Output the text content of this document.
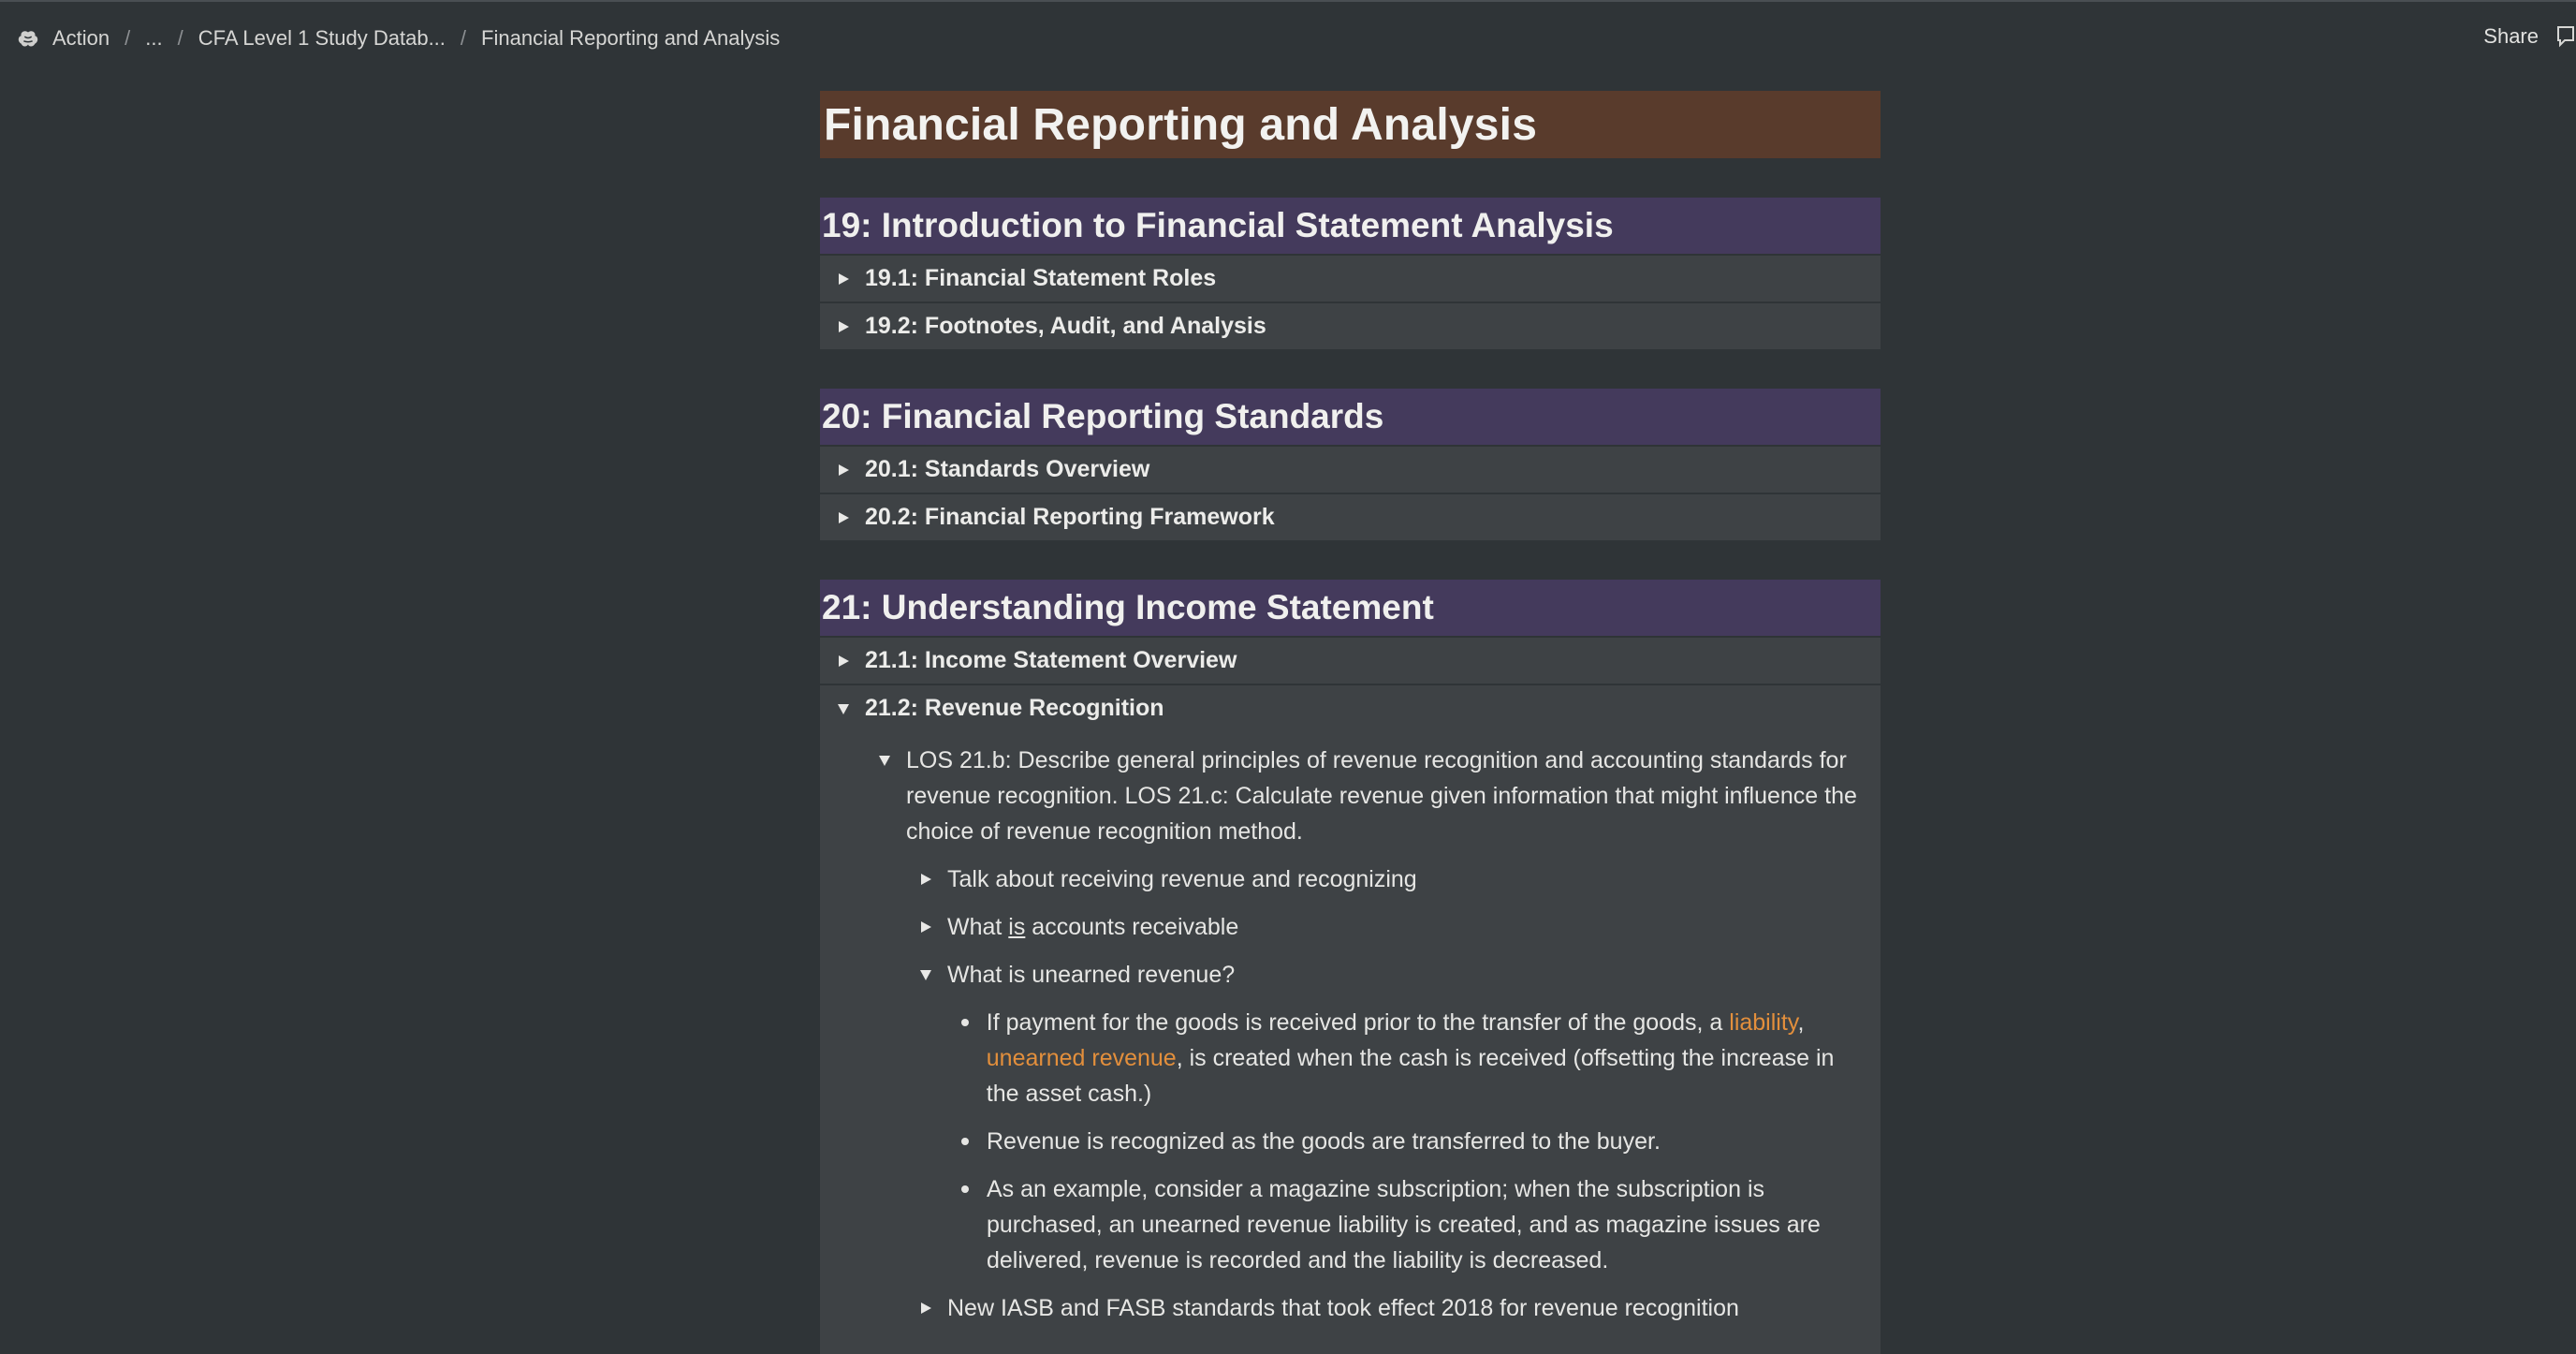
Action / ... / CFA Level 1 Study Datab... / Financial Reporting and Analysis	Share
Financial Reporting and Analysis
19: Introduction to Financial Statement Analysis
19.1: Financial Statement Roles
19.2: Footnotes, Audit, and Analysis
20: Financial Reporting Standards
20.1: Standards Overview
20.2: Financial Reporting Framework
21: Understanding Income Statement
21.1: Income Statement Overview
21.2: Revenue Recognition
LOS 21.b: Describe general principles of revenue recognition and accounting standards for revenue recognition. LOS 21.c: Calculate revenue given information that might influence the choice of revenue recognition method.
Talk about receiving revenue and recognizing
What is accounts receivable
What is unearned revenue?
If payment for the goods is received prior to the transfer of the goods, a liability,
unearned revenue, is created when the cash is received (offsetting the increase in the asset cash.)
Revenue is recognized as the goods are transferred to the buyer.
As an example, consider a magazine subscription; when the subscription is purchased, an unearned revenue liability is created, and as magazine issues are delivered, revenue is recorded and the liability is decreased.
New IASB and FASB standards that took effect 2018 for revenue recognition
